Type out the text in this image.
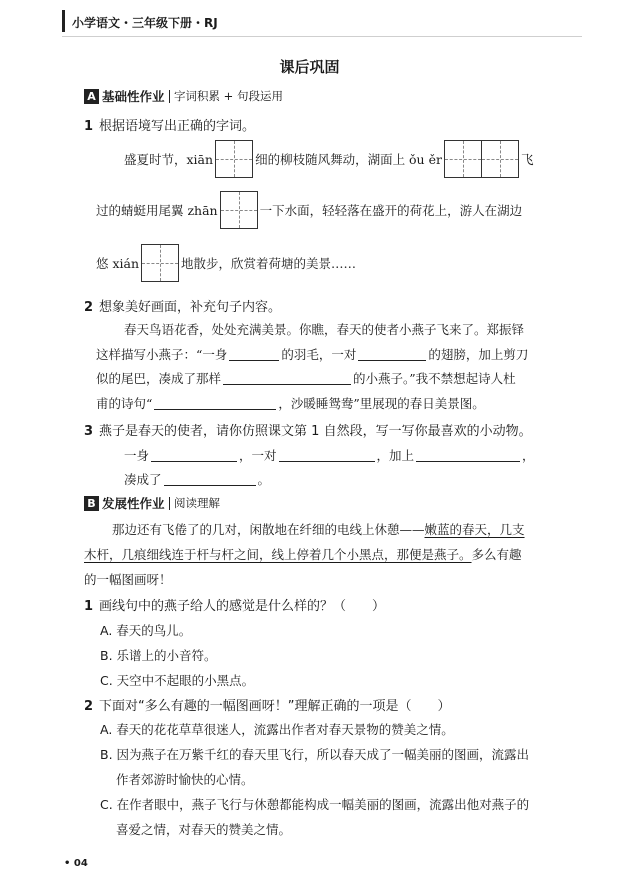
小学语文・三年级下册・RJ
课后巩固
A 基础性作业 字词积累 + 句段运用
1 根据语境写出正确的字词。
盛夏时节，xiān	细的柳枝随风舞动，湖面上 ǒu ěr	飞
过的蜻蜓用尾翼 zhān	一下水面，轻轻落在盛开的荷花上，游人在湖边
悠 xián	地散步，欣赏着荷塘的美景……
2 想象美好画面，补充句子内容。
春天鸟语花香，处处充满美景。你瞧，春天的使者小燕子飞来了。郑振铎
这样描写小燕子：“一身	的羽毛，一对	的翅膀，加上剪刀
似的尾巴，凑成了那样	的小燕子。”我不禁想起诗人杜
甫的诗句“	，沙暖睡鸳鸯”里展现的春日美景图。
3 燕子是春天的使者，请你仿照课文第 1 自然段，写一写你最喜欢的小动物。
一身	，一对	，加上	，
凑成了	。
B 发展性作业 阅读理解
那边还有飞倦了的几对，闲散地在纤细的电线上休憩—— 嫩蓝的春天，几支
木杆，几痕细线连于杆与杆之间，线上停着几个小黑点，那便是燕子。 多么有趣
的一幅图画呀！
1 画线句中的燕子给人的感觉是什么样的？（　　）
A. 春天的鸟儿。
B. 乐谱上的小音符。
C. 天空中不起眼的小黑点。
2 下面对“多么有趣的一幅图画呀！”理解正确的一项是（　　）
A. 春天的花花草草很迷人，流露出作者对春天景物的赞美之情。
B. 因为燕子在万紫千红的春天里飞行，所以春天成了一幅美丽的图画，流露出
作者郊游时愉快的心情。
C. 在作者眼中，燕子飞行与休憩都能构成一幅美丽的图画，流露出他对燕子的
喜爱之情，对春天的赞美之情。
• 04
